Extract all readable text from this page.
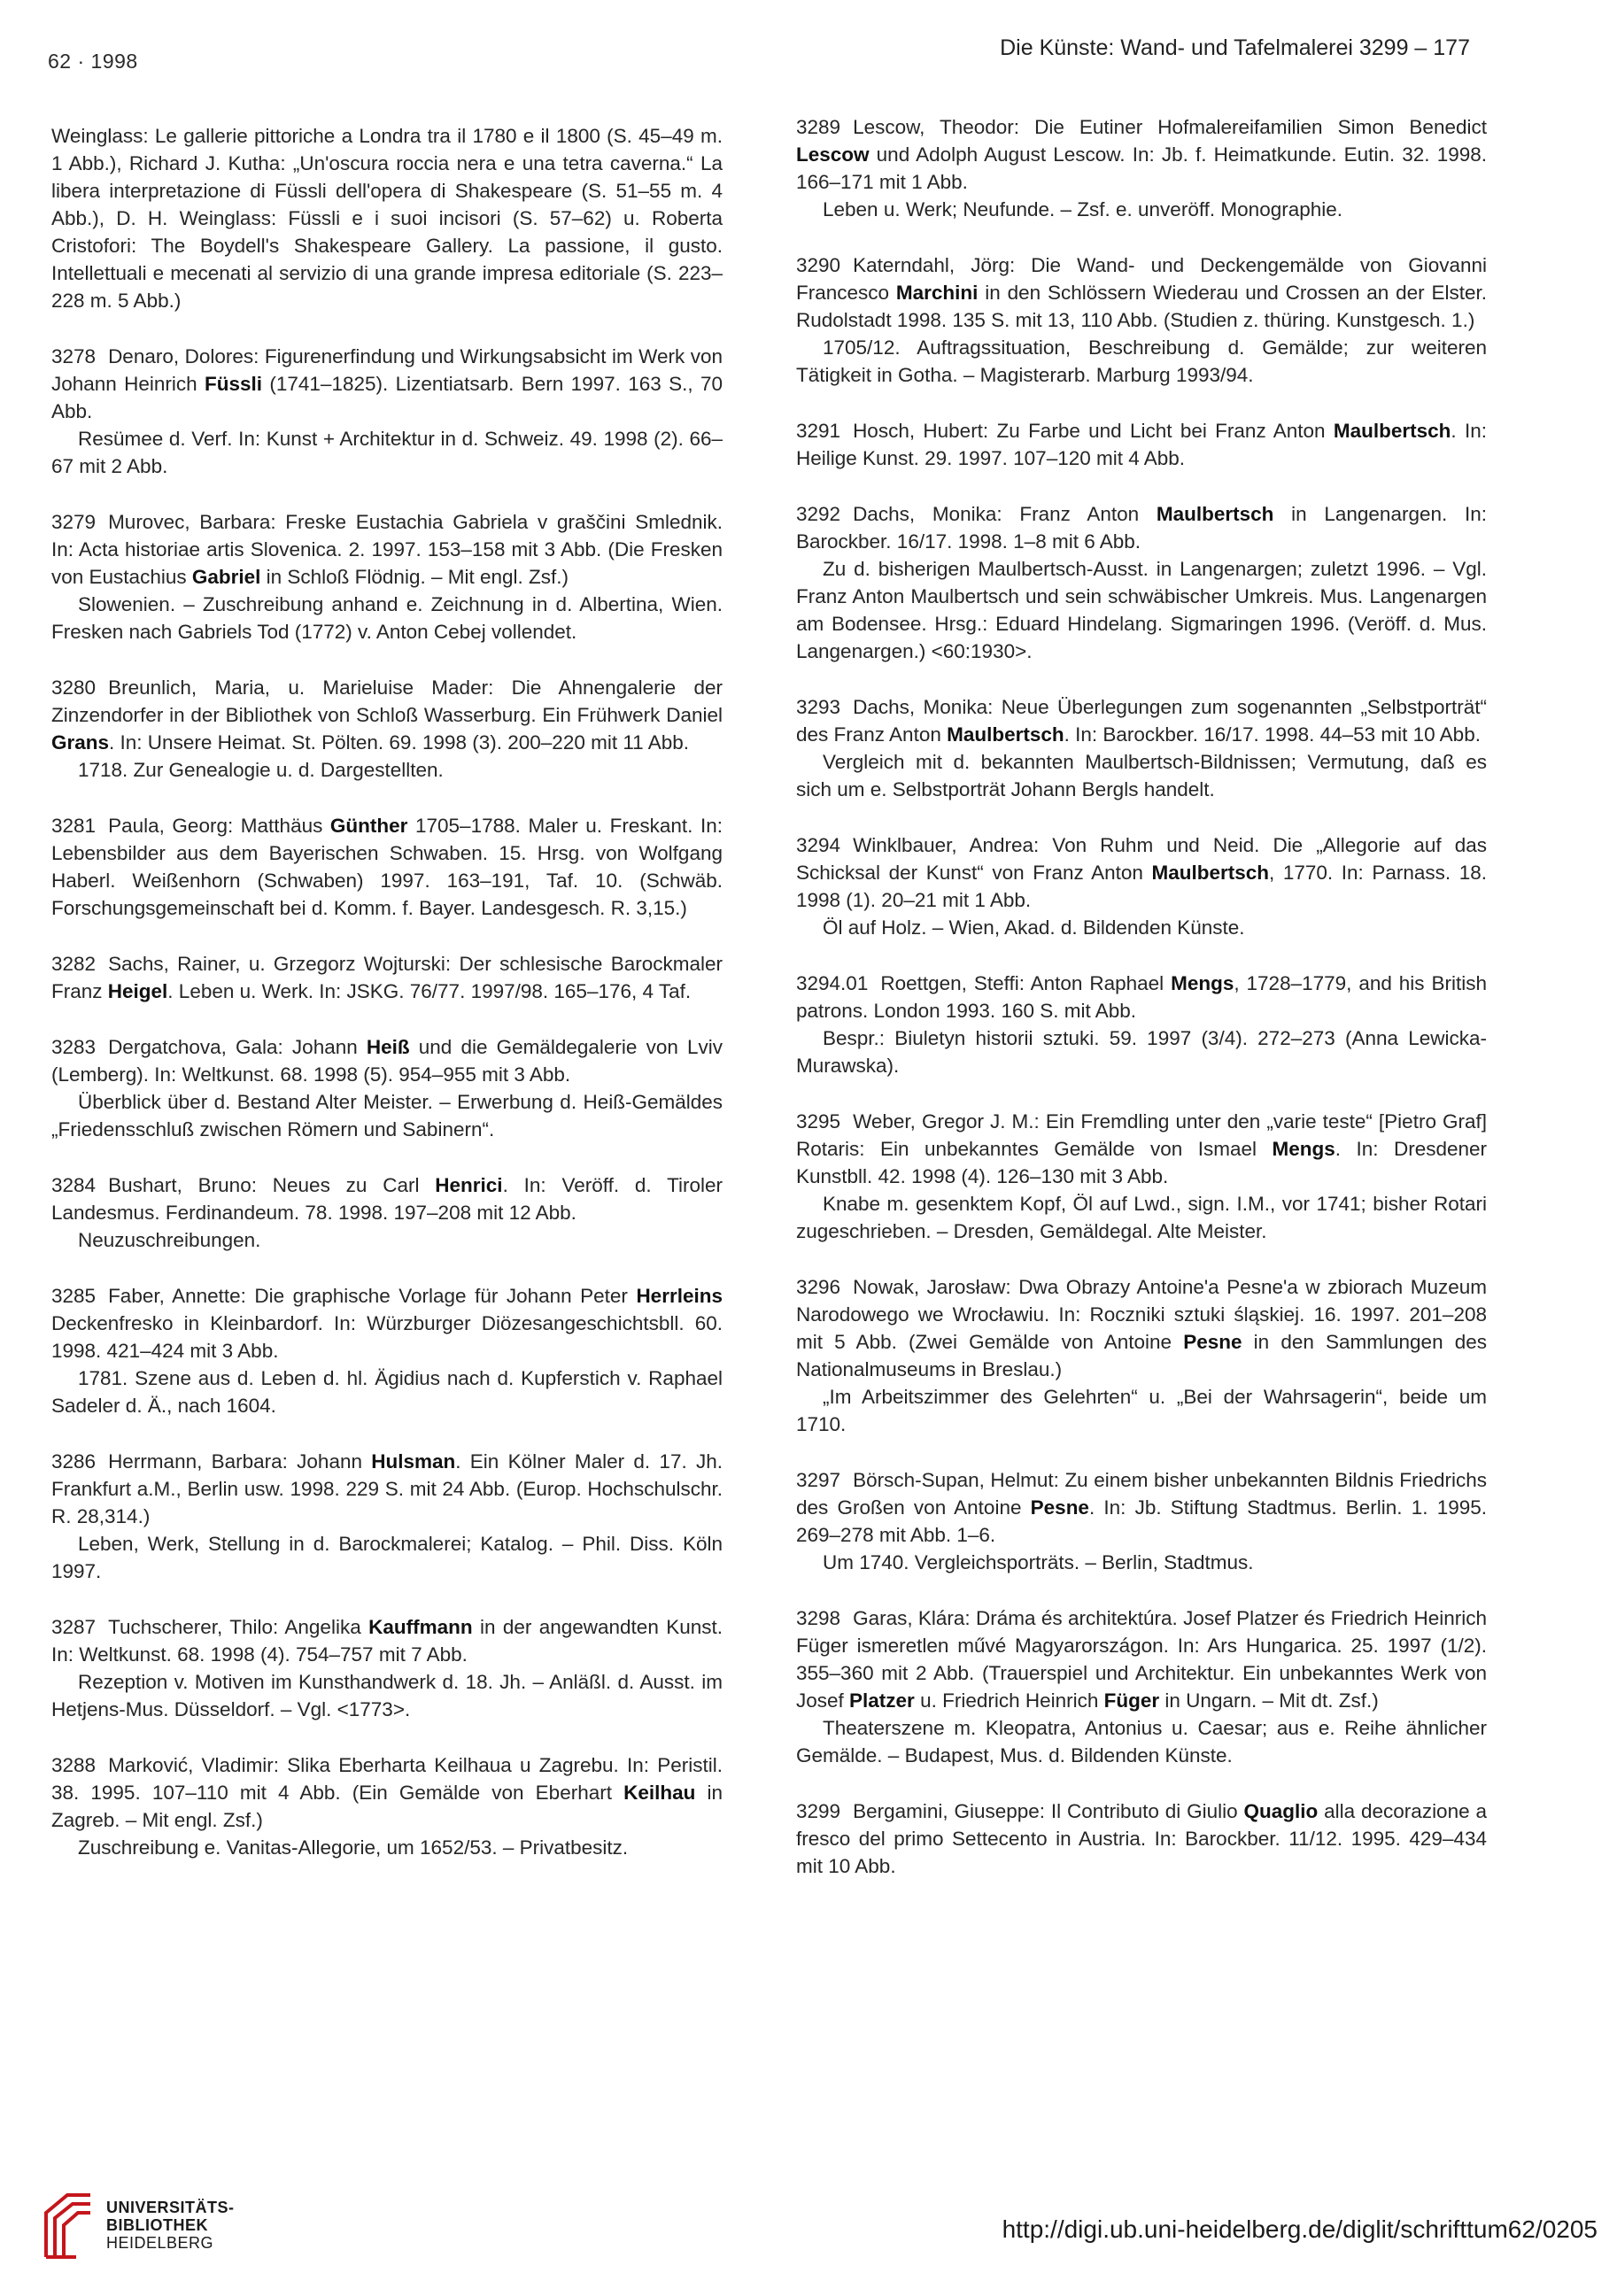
62 · 1998
Die Künste: Wand- und Tafelmalerei 3299 – 177

Weinglass: Le gallerie pittoriche a Londra tra il 1780 e il 1800 (S. 45–49 m. 1 Abb.), Richard J. Kutha: „Un'oscura roccia nera e una tetra caverna.“ La libera interpretazione di Füssli dell'opera di Shakespeare (S. 51–55 m. 4 Abb.), D. H. Weinglass: Füssli e i suoi incisori (S. 57–62) u. Roberta Cristofori: The Boydell's Shakespeare Gallery. La passione, il gusto. Intellettuali e mecenati al servizio di una grande impresa editoriale (S. 223–228 m. 5 Abb.)

3278 Denaro, Dolores: Figurenerfindung und Wirkungsabsicht im Werk von Johann Heinrich Füssli (1741–1825). Lizentiatsarb. Bern 1997. 163 S., 70 Abb.

Resümee d. Verf. In: Kunst + Architektur in d. Schweiz. 49. 1998 (2). 66–67 mit 2 Abb.

3279 Murovec, Barbara: Freske Eustachia Gabriela v graščini Smlednik. In: Acta historiae artis Slovenica. 2. 1997. 153–158 mit 3 Abb. (Die Fresken von Eustachius Gabriel in Schloß Flödnig. – Mit engl. Zsf.)

Slowenien. – Zuschreibung anhand e. Zeichnung in d. Albertina, Wien. Fresken nach Gabriels Tod (1772) v. Anton Cebej vollendet.

3280 Breunlich, Maria, u. Marieluise Mader: Die Ahnengalerie der Zinzendorfer in der Bibliothek von Schloß Wasserburg. Ein Frühwerk Daniel Grans. In: Unsere Heimat. St. Pölten. 69. 1998 (3). 200–220 mit 11 Abb.

1718. Zur Genealogie u. d. Dargestellten.

3281 Paula, Georg: Matthäus Günther 1705–1788. Maler u. Freskant. In: Lebensbilder aus dem Bayerischen Schwaben. 15. Hrsg. von Wolfgang Haberl. Weißenhorn (Schwaben) 1997. 163–191, Taf. 10. (Schwäb. Forschungsgemeinschaft bei d. Komm. f. Bayer. Landesgesch. R. 3,15.)

3282 Sachs, Rainer, u. Grzegorz Wojturski: Der schlesische Barockmaler Franz Heigel. Leben u. Werk. In: JSKG. 76/77. 1997/98. 165–176, 4 Taf.

3283 Dergatchova, Gala: Johann Heiß und die Gemäldegalerie von Lviv (Lemberg). In: Weltkunst. 68. 1998 (5). 954–955 mit 3 Abb.

Überblick über d. Bestand Alter Meister. – Erwerbung d. Heiß-Gemäldes „Friedensschluß zwischen Römern und Sabinern“.

3284 Bushart, Bruno: Neues zu Carl Henrici. In: Veröff. d. Tiroler Landesmus. Ferdinandeum. 78. 1998. 197–208 mit 12 Abb.

Neuzuschreibungen.

3285 Faber, Annette: Die graphische Vorlage für Johann Peter Herrleins Deckenfresko in Kleinbardorf. In: Würzburger Diözesangeschichtsbll. 60. 1998. 421–424 mit 3 Abb.

1781. Szene aus d. Leben d. hl. Ägidius nach d. Kupferstich v. Raphael Sadeler d. Ä., nach 1604.

3286 Herrmann, Barbara: Johann Hulsman. Ein Kölner Maler d. 17. Jh. Frankfurt a.M., Berlin usw. 1998. 229 S. mit 24 Abb. (Europ. Hochschulschr. R. 28,314.)

Leben, Werk, Stellung in d. Barockmalerei; Katalog. – Phil. Diss. Köln 1997.

3287 Tuchscherer, Thilo: Angelika Kauffmann in der angewandten Kunst. In: Weltkunst. 68. 1998 (4). 754–757 mit 7 Abb.

Rezeption v. Motiven im Kunsthandwerk d. 18. Jh. – Anläßl. d. Ausst. im Hetjens-Mus. Düsseldorf. – Vgl. <1773>.

3288 Marković, Vladimir: Slika Eberharta Keilhaua u Zagrebu. In: Peristil. 38. 1995. 107–110 mit 4 Abb. (Ein Gemälde von Eberhart Keilhau in Zagreb. – Mit engl. Zsf.)

Zuschreibung e. Vanitas-Allegorie, um 1652/53. – Privatbesitz.

3289 Lescow, Theodor: Die Eutiner Hofmalereifamilien Simon Benedict Lescow und Adolph August Lescow. In: Jb. f. Heimatkunde. Eutin. 32. 1998. 166–171 mit 1 Abb.

Leben u. Werk; Neufunde. – Zsf. e. unveröff. Monographie.

3290 Katerndahl, Jörg: Die Wand- und Deckengemälde von Giovanni Francesco Marchini in den Schlössern Wiederau und Crossen an der Elster. Rudolstadt 1998. 135 S. mit 13, 110 Abb. (Studien z. thüring. Kunstgesch. 1.)

1705/12. Auftragssituation, Beschreibung d. Gemälde; zur weiteren Tätigkeit in Gotha. – Magisterarb. Marburg 1993/94.

3291 Hosch, Hubert: Zu Farbe und Licht bei Franz Anton Maulbertsch. In: Heilige Kunst. 29. 1997. 107–120 mit 4 Abb.

3292 Dachs, Monika: Franz Anton Maulbertsch in Langenargen. In: Barockber. 16/17. 1998. 1–8 mit 6 Abb.

Zu d. bisherigen Maulbertsch-Ausst. in Langenargen; zuletzt 1996. – Vgl. Franz Anton Maulbertsch und sein schwäbischer Umkreis. Mus. Langenargen am Bodensee. Hrsg.: Eduard Hindelang. Sigmaringen 1996. (Veröff. d. Mus. Langenargen.) <60:1930>.

3293 Dachs, Monika: Neue Überlegungen zum sogenannten „Selbstporträt“ des Franz Anton Maulbertsch. In: Barockber. 16/17. 1998. 44–53 mit 10 Abb.

Vergleich mit d. bekannten Maulbertsch-Bildnissen; Vermutung, daß es sich um e. Selbstporträt Johann Bergls handelt.

3294 Winklbauer, Andrea: Von Ruhm und Neid. Die „Allegorie auf das Schicksal der Kunst“ von Franz Anton Maulbertsch, 1770. In: Parnass. 18. 1998 (1). 20–21 mit 1 Abb.

Öl auf Holz. – Wien, Akad. d. Bildenden Künste.

3294.01 Roettgen, Steffi: Anton Raphael Mengs, 1728–1779, and his British patrons. London 1993. 160 S. mit Abb.

Bespr.: Biuletyn historii sztuki. 59. 1997 (3/4). 272–273 (Anna Lewicka-Murawska).

3295 Weber, Gregor J. M.: Ein Fremdling unter den „varie teste“ [Pietro Graf] Rotaris: Ein unbekanntes Gemälde von Ismael Mengs. In: Dresdener Kunstbll. 42. 1998 (4). 126–130 mit 3 Abb.

Knabe m. gesenktem Kopf, Öl auf Lwd., sign. I.M., vor 1741; bisher Rotari zugeschrieben. – Dresden, Gemäldegal. Alte Meister.

3296 Nowak, Jarosław: Dwa Obrazy Antoine'a Pesne'a w zbiorach Muzeum Narodowego we Wrocławiu. In: Roczniki sztuki śląskiej. 16. 1997. 201–208 mit 5 Abb. (Zwei Gemälde von Antoine Pesne in den Sammlungen des Nationalmuseums in Breslau.)

„Im Arbeitszimmer des Gelehrten“ u. „Bei der Wahrsagerin“, beide um 1710.

3297 Börsch-Supan, Helmut: Zu einem bisher unbekannten Bildnis Friedrichs des Großen von Antoine Pesne. In: Jb. Stiftung Stadtmus. Berlin. 1. 1995. 269–278 mit Abb. 1–6.

Um 1740. Vergleichsporträts. – Berlin, Stadtmus.

3298 Garas, Klára: Dráma és architektúra. Josef Platzer és Friedrich Heinrich Füger ismeretlen művé Magyarországon. In: Ars Hungarica. 25. 1997 (1/2). 355–360 mit 2 Abb. (Trauerspiel und Architektur. Ein unbekanntes Werk von Josef Platzer u. Friedrich Heinrich Füger in Ungarn. – Mit dt. Zsf.)

Theaterszene m. Kleopatra, Antonius u. Caesar; aus e. Reihe ähnlicher Gemälde. – Budapest, Mus. d. Bildenden Künste.

3299 Bergamini, Giuseppe: Il Contributo di Giulio Quaglio alla decorazione a fresco del primo Settecento in Austria. In: Barockber. 11/12. 1995. 429–434 mit 10 Abb.

UNIVERSITÄTS-
BIBLIOTHEK
HEIDELBERG	http://digi.ub.uni-heidelberg.de/diglit/schrifttum62/0205
